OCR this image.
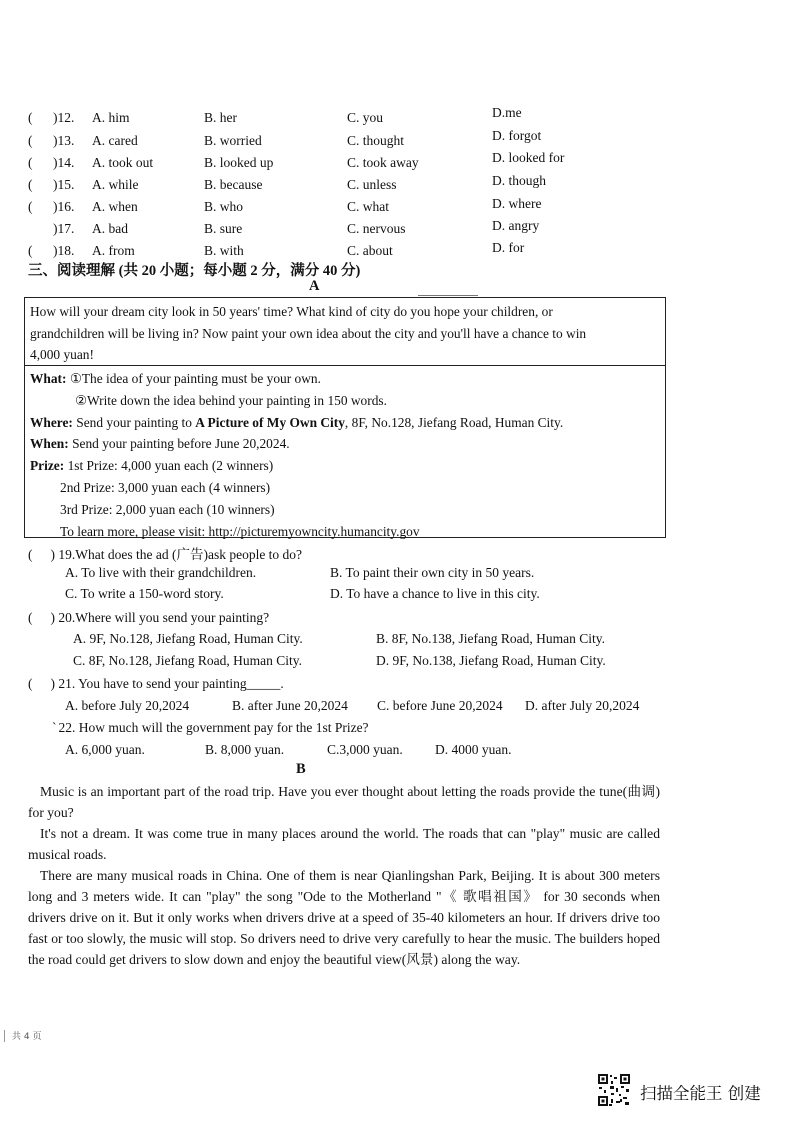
( )12. A. him	B. her	C. you	D.me
( )13. A. cared	B. worried	C. thought	D. forgot
( )14. A. took out	B. looked up	C. took away	D. looked for
( )15. A. while	B. because	C. unless	D. though
( )16. A. when	B. who	C. what	D. where
)17. A. bad	B. sure	C. nervous	D. angry
( )18. A. from	B. with	C. about	D. for
三、阅读理解 (共 20 小题；每小题 2 分，满分 40 分)
A
How will your dream city look in 50 years' time? What kind of city do you hope your children, or
grandchildren will be living in? Now paint your own idea about the city and you'll have a chance to win
4,000 yuan!
What: ①The idea of your painting must be your own.
②Write down the idea behind your painting in 150 words.
Where: Send your painting to A Picture of My Own City, 8F, No.128, Jiefang Road, Human City.
When: Send your painting before June 20,2024.
Prize: 1st Prize: 4,000 yuan each (2 winners)
2nd Prize: 3,000 yuan each (4 winners)
3rd Prize: 2,000 yuan each (10 winners)
To learn more, please visit: http://picturemyowncity.humancity.gov
( ) 19.What does the ad (广告)ask people to do?
A. To live with their grandchildren.	B. To paint their own city in 50 years.
C. To write a 150-word story.	D. To have a chance to live in this city.
( ) 20.Where will you send your painting?
A. 9F, No.128, Jiefang Road, Human City.	B. 8F, No.138, Jiefang Road, Human City.
C. 8F, No.128, Jiefang Road, Human City.	D. 9F, No.138, Jiefang Road, Human City.
( ) 21. You have to send your painting_____.
A. before July 20,2024	B. after June 20,2024 C. before June 20,2024 D. after July 20,2024
` 22. How much will the government pay for the 1st Prize?
A. 6,000 yuan.	B. 8,000 yuan.	C.3,000 yuan. D. 4000 yuan.
B
Music is an important part of the road trip. Have you ever thought about letting the roads provide the tune(曲调) for you?
It's not a dream. It was come true in many places around the world. The roads that can "play" music are called musical roads.
There are many musical roads in China. One of them is near Qianlingshan Park, Beijing. It is about 300 meters long and 3 meters wide. It can "play" the song "Ode to the Motherland "《 歌唱祖国》 for 30 seconds when drivers drive on it. But it only works when drivers drive at a speed of 35-40 kilometers an hour. If drivers drive too fast or too slowly, the music will stop. So drivers need to drive very carefully to hear the music. The builders hoped the road could get drivers to slow down and enjoy the beautiful view(风景) along the way.
共 4 页
扫描全能王 创建
